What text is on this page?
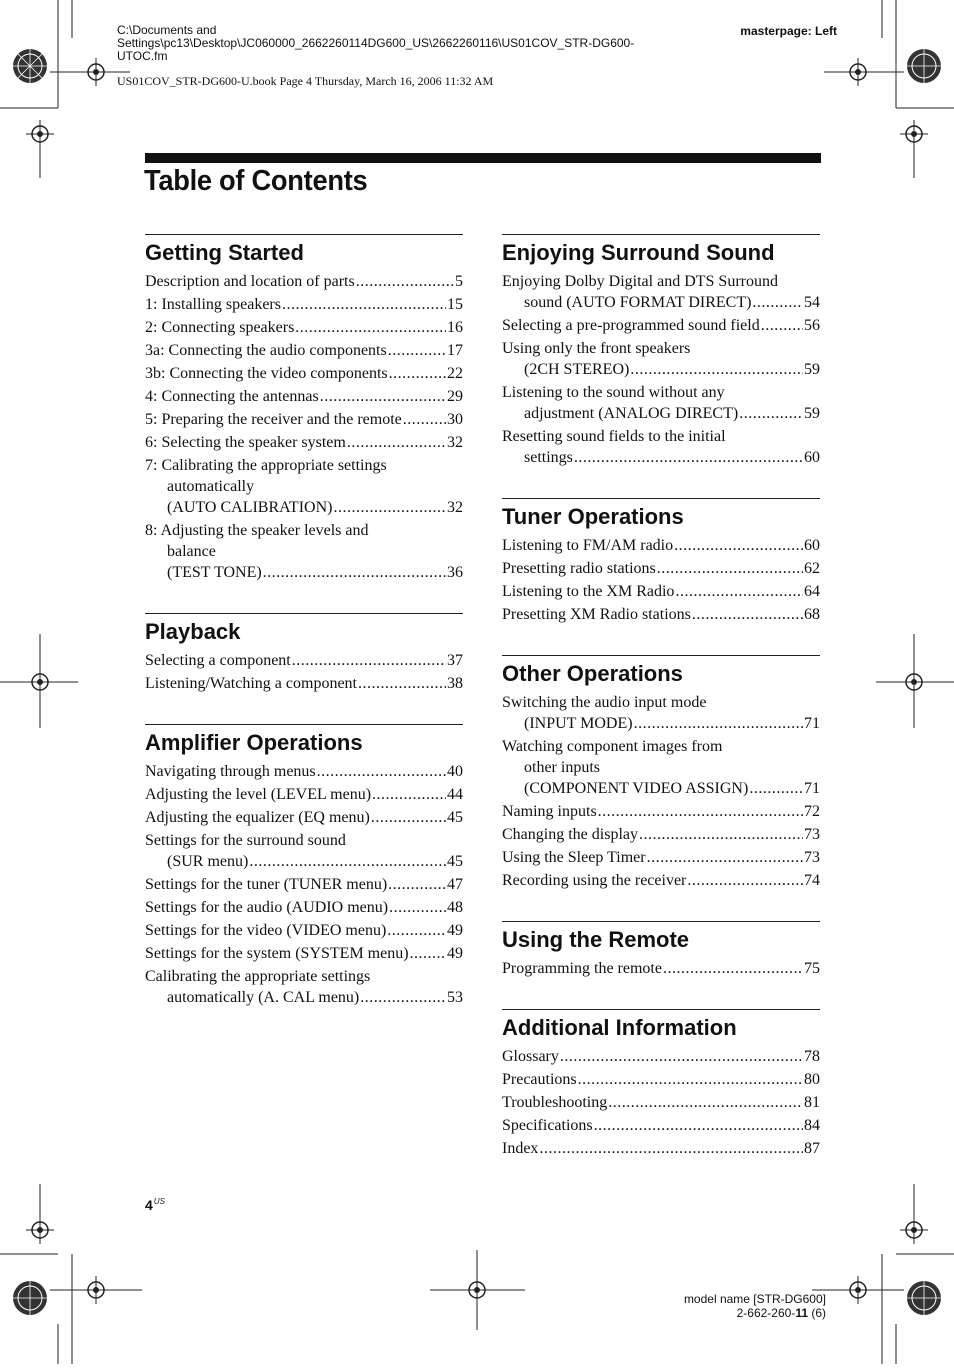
C:\Documents and
Settings\pc13\Desktop\JC060000_2662260114DG600_US\2662260116\US01COV_STR-DG600-
UTOC.fm
masterpage: Left
US01COV_STR-DG600-U.book Page 4 Thursday, March 16, 2006 11:32 AM
Table of Contents
Getting Started
Description and location of parts .....	5
1: Installing speakers .....	15
2: Connecting speakers .....	16
3a: Connecting the audio components .....	17
3b: Connecting the video components .....	22
4: Connecting the antennas .....	29
5: Preparing the receiver and the remote .....	30
6: Selecting the speaker system .....	32
7: Calibrating the appropriate settings
automatically
(AUTO CALIBRATION) .....	32
8: Adjusting the speaker levels and
balance
(TEST TONE) .....	36
Playback
Selecting a component .....	37
Listening/Watching a component .....	38
Amplifier Operations
Navigating through menus .....	40
Adjusting the level (LEVEL menu) .....	44
Adjusting the equalizer (EQ menu) .....	45
Settings for the surround sound
(SUR menu) .....	45
Settings for the tuner (TUNER menu) .....	47
Settings for the audio (AUDIO menu) .....	48
Settings for the video (VIDEO menu) .....	49
Settings for the system (SYSTEM menu) ..... 49
Calibrating the appropriate settings
automatically (A. CAL menu) .....	53
Enjoying Surround Sound
Enjoying Dolby Digital and DTS Surround
sound (AUTO FORMAT DIRECT) .....	54
Selecting a pre-programmed sound field .....	56
Using only the front speakers
(2CH STEREO) .....	59
Listening to the sound without any
adjustment (ANALOG DIRECT) .....	59
Resetting sound fields to the initial
settings .....	60
Tuner Operations
Listening to FM/AM radio .....	60
Presetting radio stations .....	62
Listening to the XM Radio .....	64
Presetting XM Radio stations .....	68
Other Operations
Switching the audio input mode
(INPUT MODE) .....	71
Watching component images from
other inputs
(COMPONENT VIDEO ASSIGN) .....	71
Naming inputs .....	72
Changing the display .....	73
Using the Sleep Timer .....	73
Recording using the receiver .....	74
Using the Remote
Programming the remote .....	75
Additional Information
Glossary .....	78
Precautions .....	80
Troubleshooting .....	81
Specifications .....	84
Index .....	87
$4^{US}$
model name [STR-DG600]
2-662-260-11 (6)
